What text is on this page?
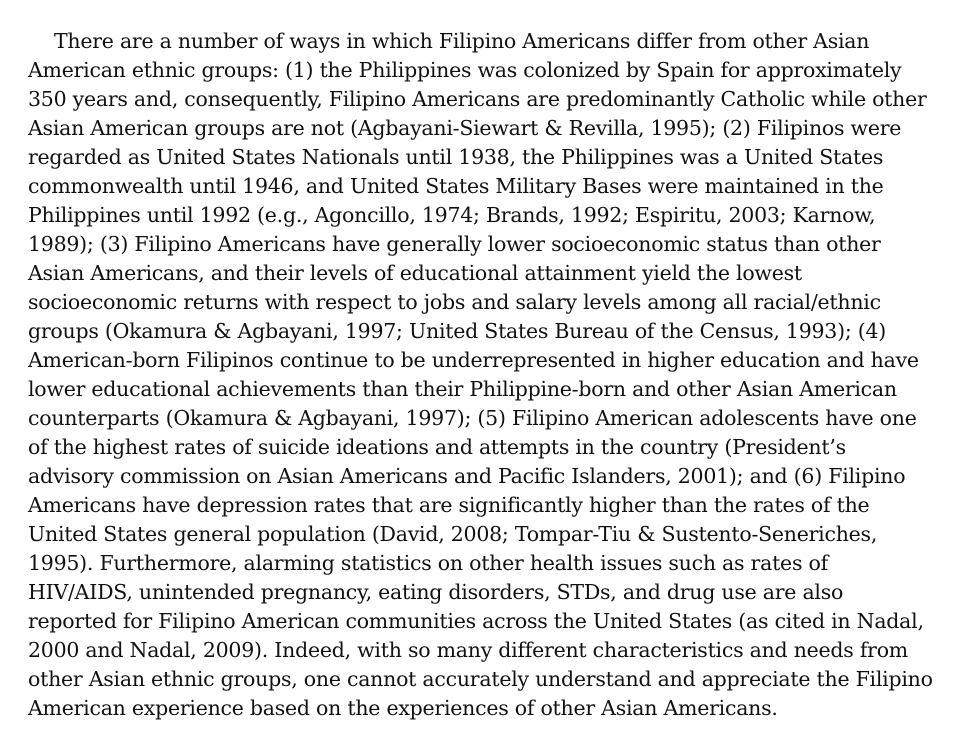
There are a number of ways in which Filipino Americans differ from other Asian
American ethnic groups: (1) the Philippines was colonized by Spain for approximately
350 years and, consequently, Filipino Americans are predominantly Catholic while other
Asian American groups are not (Agbayani-Siewart & Revilla, 1995); (2) Filipinos were
regarded as United States Nationals until 1938, the Philippines was a United States
commonwealth until 1946, and United States Military Bases were maintained in the
Philippines until 1992 (e.g., Agoncillo, 1974; Brands, 1992; Espiritu, 2003; Karnow,
1989); (3) Filipino Americans have generally lower socioeconomic status than other
Asian Americans, and their levels of educational attainment yield the lowest
socioeconomic returns with respect to jobs and salary levels among all racial/ethnic
groups (Okamura & Agbayani, 1997; United States Bureau of the Census, 1993); (4)
American-born Filipinos continue to be underrepresented in higher education and have
lower educational achievements than their Philippine-born and other Asian American
counterparts (Okamura & Agbayani, 1997); (5) Filipino American adolescents have one
of the highest rates of suicide ideations and attempts in the country (President’s
advisory commission on Asian Americans and Pacific Islanders, 2001); and (6) Filipino
Americans have depression rates that are significantly higher than the rates of the
United States general population (David, 2008; Tompar-Tiu & Sustento-Seneriches,
1995). Furthermore, alarming statistics on other health issues such as rates of
HIV/AIDS, unintended pregnancy, eating disorders, STDs, and drug use are also
reported for Filipino American communities across the United States (as cited in Nadal,
2000 and Nadal, 2009). Indeed, with so many different characteristics and needs from
other Asian ethnic groups, one cannot accurately understand and appreciate the Filipino
American experience based on the experiences of other Asian Americans.
